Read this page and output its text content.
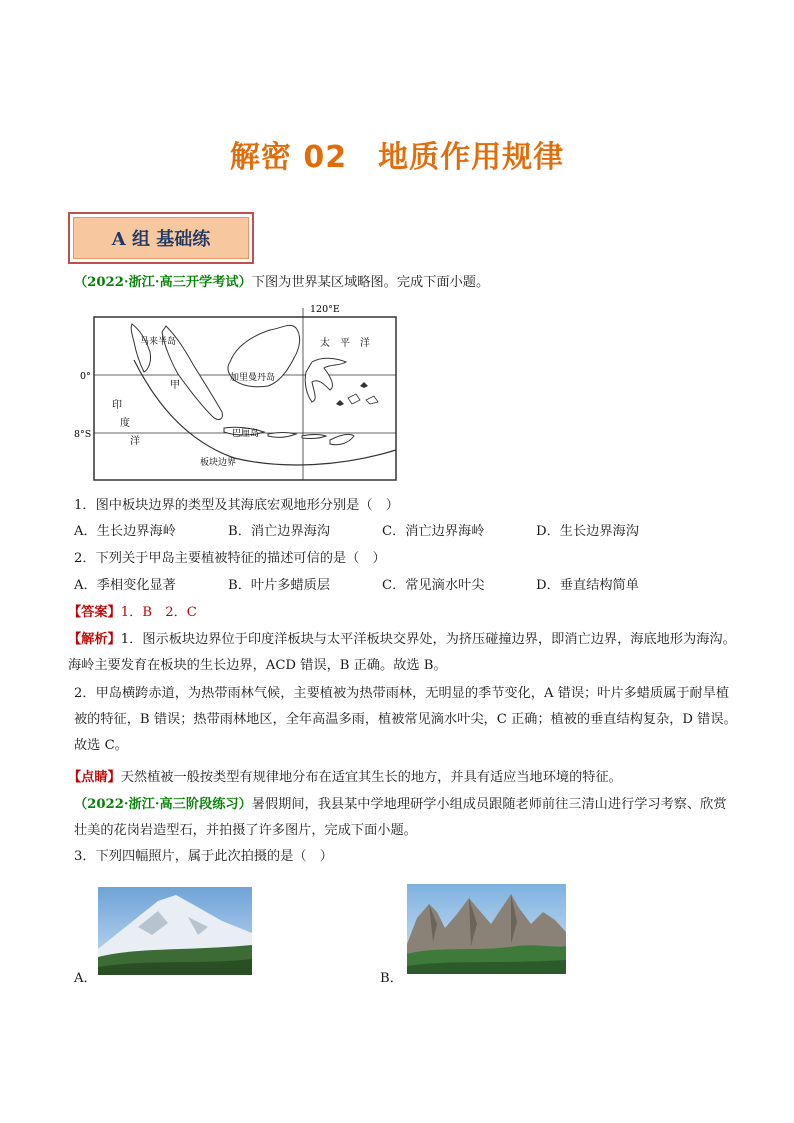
解密 02　地质作用规律
A 组 基础练
（2022·浙江·高三开学考试）下图为世界某区域略图。完成下面小题。
120°E
0°
8°S
马来半岛
加里曼丹岛
太　平　洋
甲
印
度
洋
巴厘岛
板块边界
1．图中板块边界的类型及其海底宏观地形分别是（　）
A．生长边界海岭	B．消亡边界海沟	C．消亡边界海岭	D．生长边界海沟
2．下列关于甲岛主要植被特征的描述可信的是（　）
A．季相变化显著	B．叶片多蜡质层	C．常见滴水叶尖	D．垂直结构简单
【答案】1．B　2．C
【解析】1．图示板块边界位于印度洋板块与太平洋板块交界处，为挤压碰撞边界，即消亡边界，海底地形为海沟。海岭主要发育在板块的生长边界，ACD 错误，B 正确。故选 B。
2．甲岛横跨赤道，为热带雨林气候，主要植被为热带雨林，无明显的季节变化，A 错误；叶片多蜡质属于耐旱植被的特征，B 错误；热带雨林地区，全年高温多雨，植被常见滴水叶尖，C 正确；植被的垂直结构复杂，D 错误。故选 C。
【点睛】天然植被一般按类型有规律地分布在适宜其生长的地方，并具有适应当地环境的特征。
（2022·浙江·高三阶段练习）暑假期间，我县某中学地理研学小组成员跟随老师前往三清山进行学习考察、欣赏壮美的花岗岩造型石，并拍摄了许多图片，完成下面小题。
3．下列四幅照片，属于此次拍摄的是（　）
A．	B．
